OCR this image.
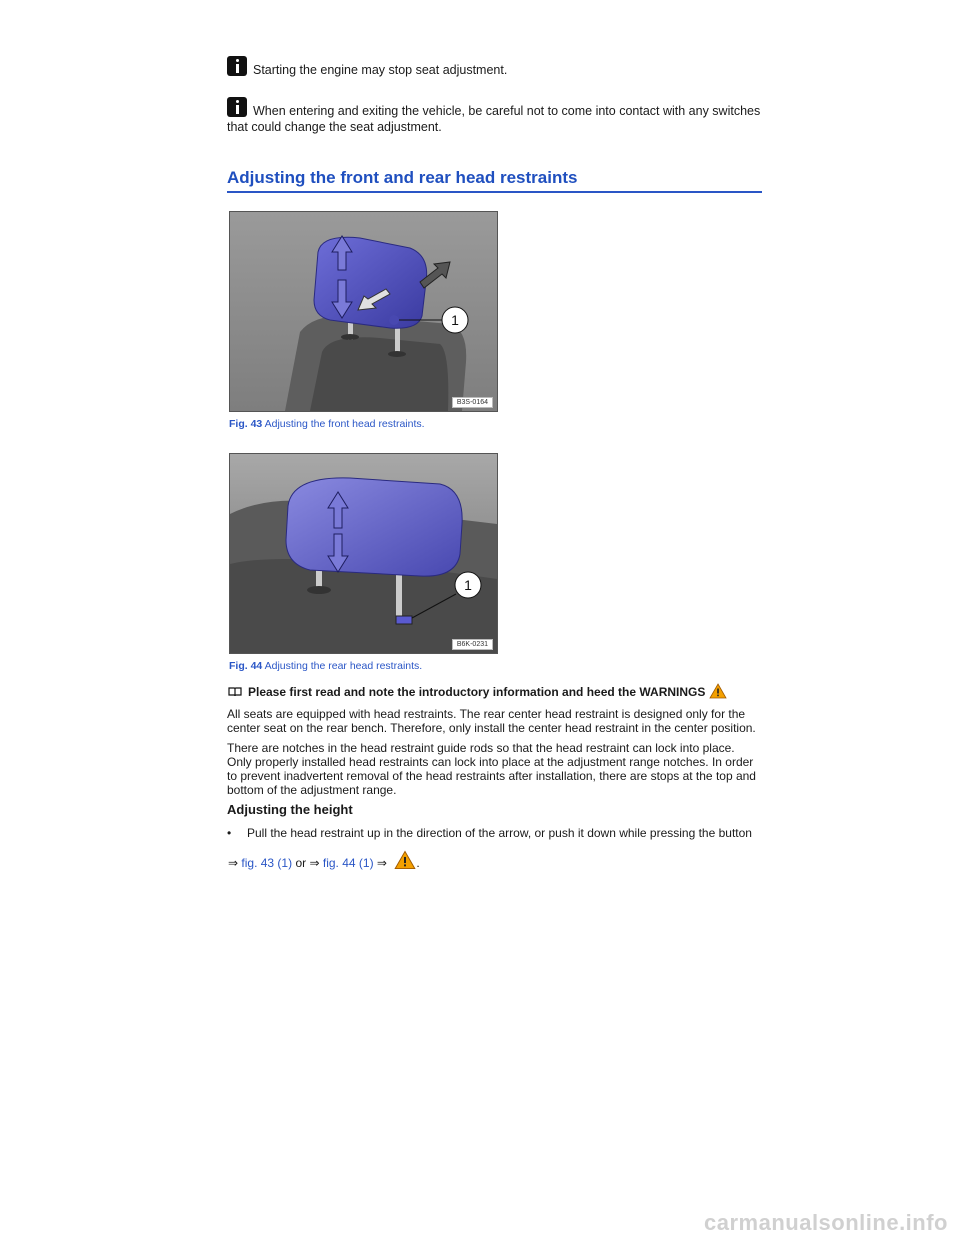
Starting the engine may stop seat adjustment.
When entering and exiting the vehicle, be careful not to come into contact with any switches that could change the seat adjustment.
Adjusting the front and rear head restraints
1
B3S-0164
Fig. 43 Adjusting the front head restraints.
1
B6K-0231
Fig. 44 Adjusting the rear head restraints.
Please first read and note the introductory information and heed the WARNINGS

All seats are equipped with head restraints. The rear center head restraint is designed only for the center seat on the rear bench. Therefore, only install the center head restraint in the center position.

There are notches in the head restraint guide rods so that the head restraint can lock into place. Only properly installed head restraints can lock into place at the adjustment range notches. In order to prevent inadvertent removal of the head restraints after installation, there are stops at the top and bottom of the adjustment range.

Adjusting the height
• Pull the head restraint up in the direction of the arrow, or push it down while pressing the button
⇒ fig. 43 (1) or ⇒ fig. 44 (1) ⇒ .
carmanualsonline.info
